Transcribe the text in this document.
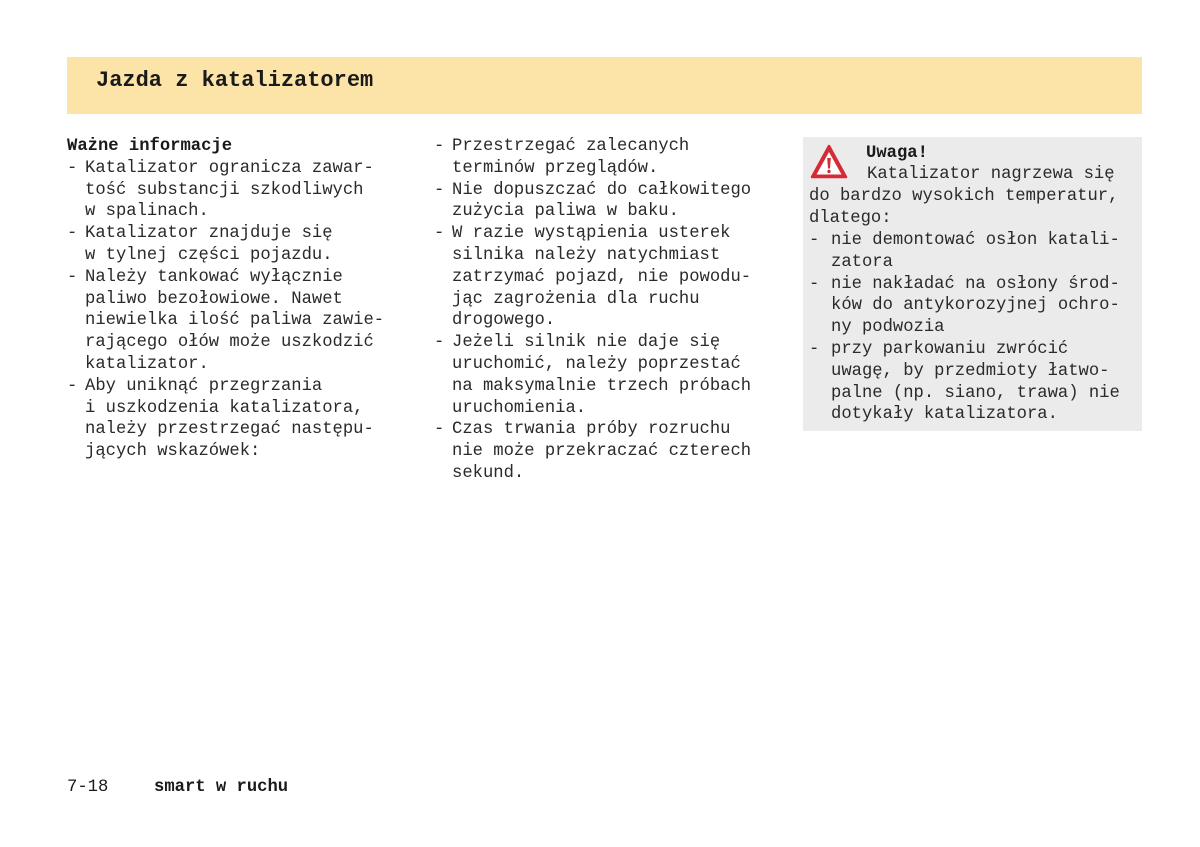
Jazda z katalizatorem
Ważne informacje
- Katalizator ogranicza zawar-
tość substancji szkodliwych
w spalinach.
- Katalizator znajduje się
w tylnej części pojazdu.
- Należy tankować wyłącznie
paliwo bezołowiowe. Nawet
niewielka ilość paliwa zawie-
rającego ołów może uszkodzić
katalizator.
- Aby uniknąć przegrzania
i uszkodzenia katalizatora,
należy przestrzegać następu-
jących wskazówek:
- Przestrzegać zalecanych
terminów przeglądów.
- Nie dopuszczać do całkowitego
zużycia paliwa w baku.
- W razie wystąpienia usterek
silnika należy natychmiast
zatrzymać pojazd, nie powodu-
jąc zagrożenia dla ruchu
drogowego.
- Jeżeli silnik nie daje się
uruchomić, należy poprzestać
na maksymalnie trzech próbach
uruchomienia.
- Czas trwania próby rozruchu
nie może przekraczać czterech
sekund.
Uwaga!
Katalizator nagrzewa się
do bardzo wysokich temperatur,
dlatego:
- nie demontować osłon katali-
zatora
- nie nakładać na osłony środ-
ków do antykorozyjnej ochro-
ny podwozia
- przy parkowaniu zwrócić
uwagę, by przedmioty łatwo-
palne (np. siano, trawa) nie
dotykały katalizatora.
7-18	smart w ruchu
